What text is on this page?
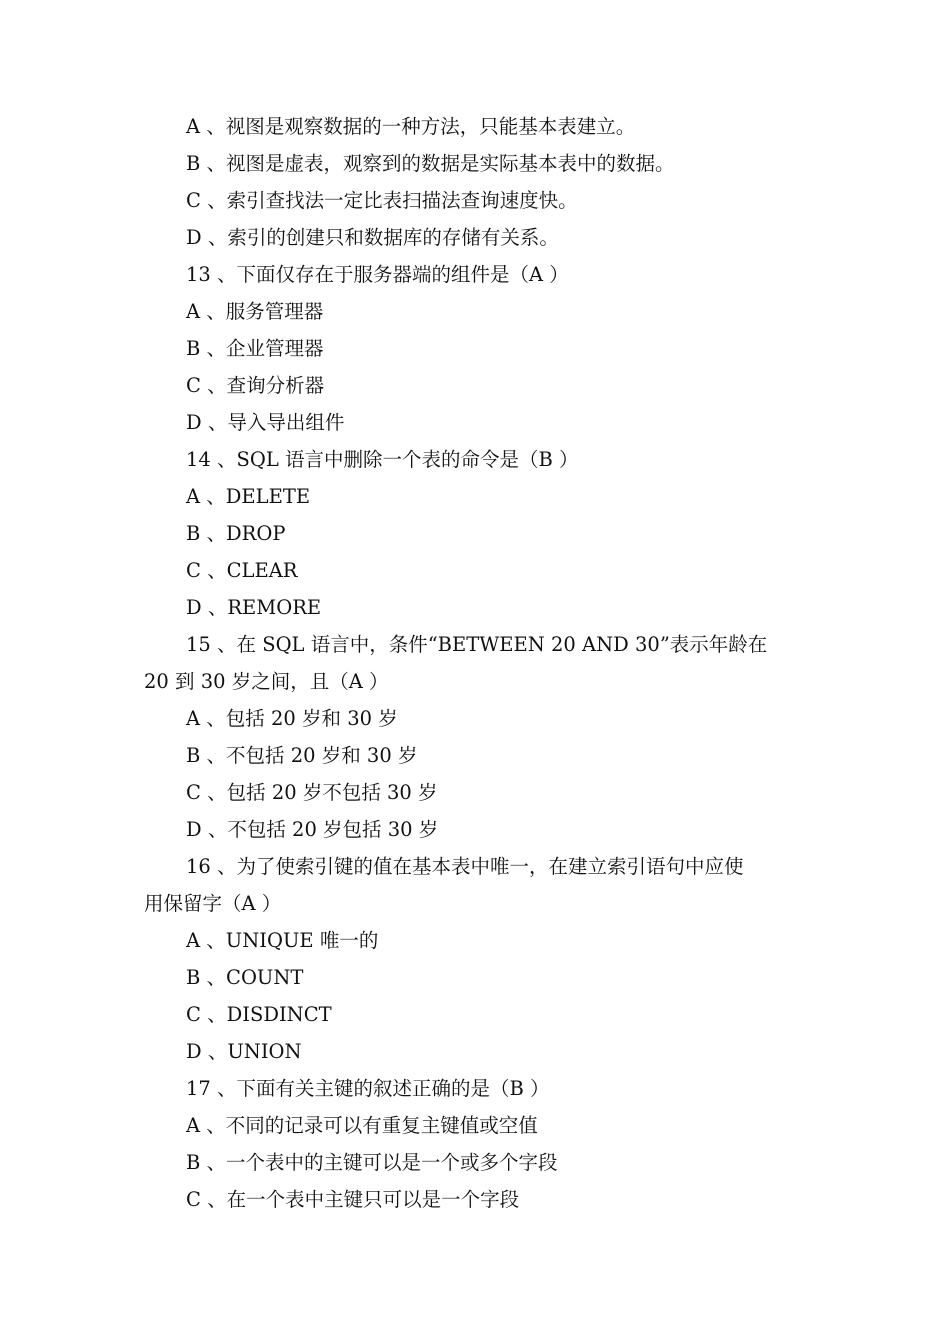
A 、视图是观察数据的一种方法，只能基本表建立。
B 、视图是虚表，观察到的数据是实际基本表中的数据。
C 、索引查找法一定比表扫描法查询速度快。
D 、索引的创建只和数据库的存储有关系。
13 、下面仅存在于服务器端的组件是（A ）
A 、服务管理器
B 、企业管理器
C 、查询分析器
D 、导入导出组件
14 、SQL 语言中删除一个表的命令是（B ）
A 、DELETE
B 、DROP
C 、CLEAR
D 、REMORE
15 、在 SQL 语言中，条件“BETWEEN 20 AND 30”表示年龄在
20 到 30 岁之间，且（A ）
A 、包括 20 岁和 30 岁
B 、不包括 20 岁和 30 岁
C 、包括 20 岁不包括 30 岁
D 、不包括 20 岁包括 30 岁
16 、为了使索引键的值在基本表中唯一，在建立索引语句中应使
用保留字（A ）
A 、UNIQUE 唯一的
B 、COUNT
C 、DISDINCT
D 、UNION
17 、下面有关主键的叙述正确的是（B ）
A 、不同的记录可以有重复主键值或空值
B 、一个表中的主键可以是一个或多个字段
C 、在一个表中主键只可以是一个字段
